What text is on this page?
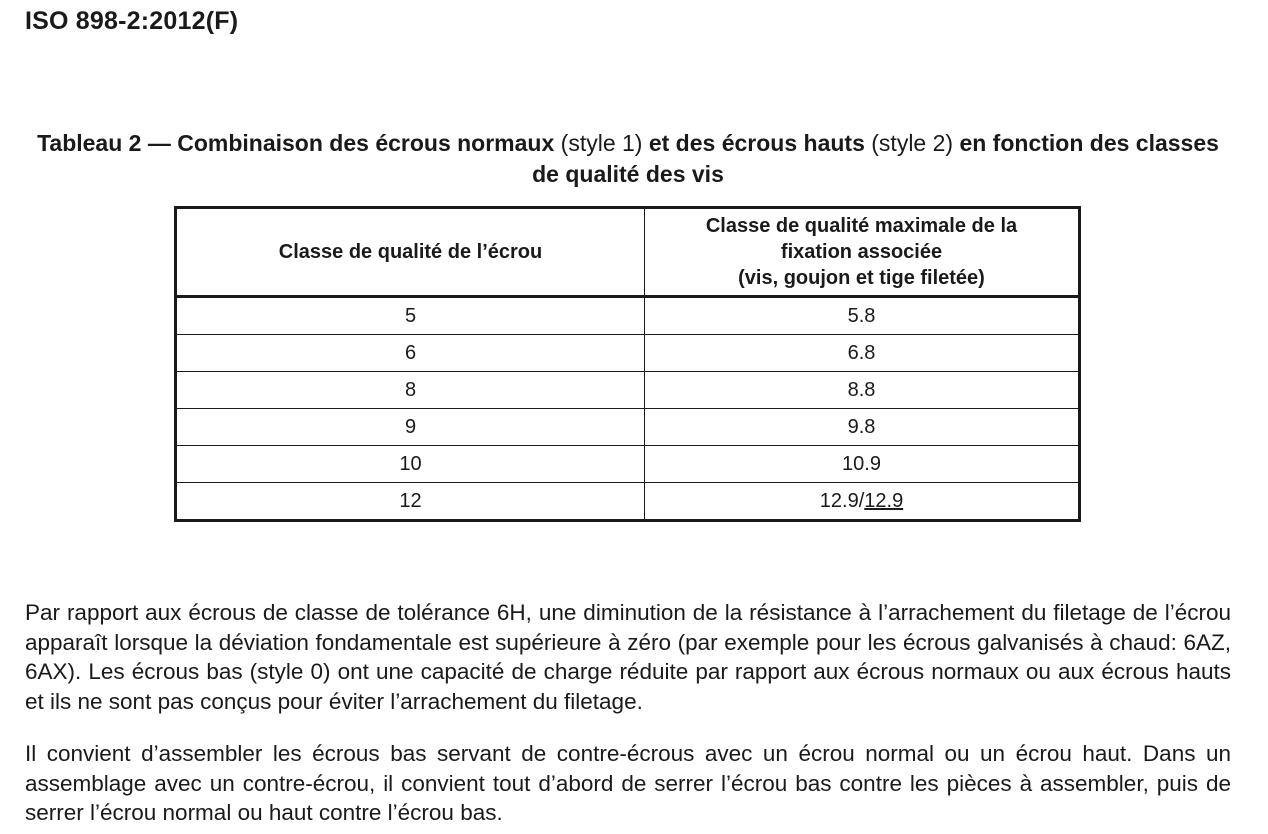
ISO 898-2:2012(F)
Tableau 2 — Combinaison des écrous normaux (style 1) et des écrous hauts (style 2) en fonction des classes de qualité des vis
Classe de qualité de l’écrou	Classe de qualité maximale de la
fixation associée
(vis, goujon et tige filetée)

5	5.8
6	6.8
8	8.8
9	9.8
10	10.9
12	12.9/12.9

Par rapport aux écrous de classe de tolérance 6H, une diminution de la résistance à l’arrachement du filetage de l’écrou apparaît lorsque la déviation fondamentale est supérieure à zéro (par exemple pour les écrous galvanisés à chaud: 6AZ, 6AX). Les écrous bas (style 0) ont une capacité de charge réduite par rapport aux écrous normaux ou aux écrous hauts et ils ne sont pas conçus pour éviter l’arrachement du filetage.

Il convient d’assembler les écrous bas servant de contre-écrous avec un écrou normal ou un écrou haut. Dans un assemblage avec un contre-écrou, il convient tout d’abord de serrer l’écrou bas contre les pièces à assembler, puis de serrer l’écrou normal ou haut contre l’écrou bas.
